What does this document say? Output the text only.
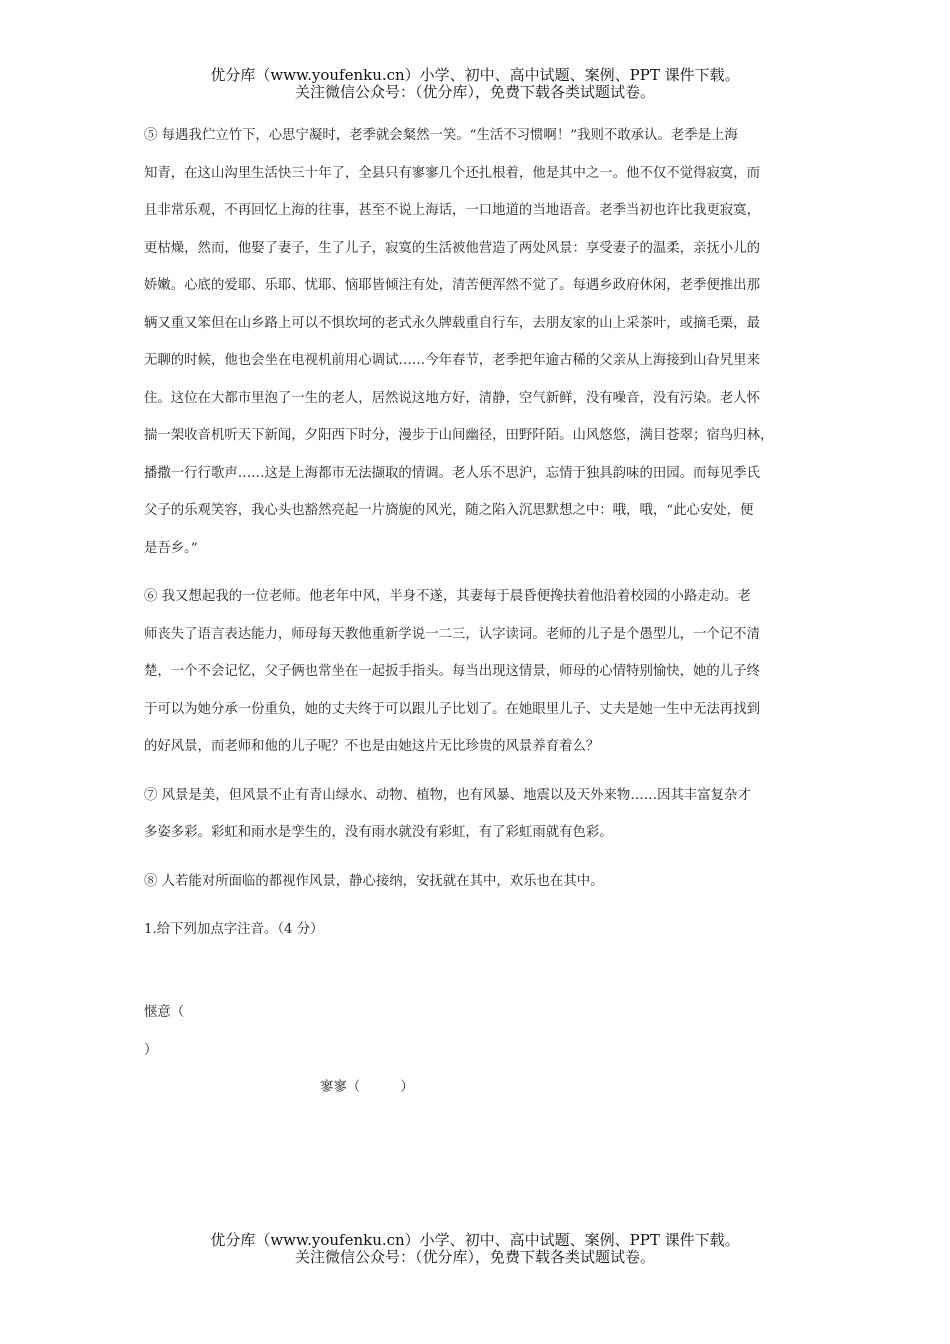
优分库（www.youfenku.cn）小学、初中、高中试题、案例、PPT 课件下载。
关注微信公众号：（优分库），免费下载各类试题试卷。
⑤ 每遇我伫立竹下，心思宁凝时，老季就会粲然一笑。“生活不习惯啊！”我则不敢承认。老季是上海
知青，在这山沟里生活快三十年了，全县只有寥寥几个还扎根着，他是其中之一。他不仅不觉得寂寞，而
且非常乐观，不再回忆上海的往事，甚至不说上海话，一口地道的当地语音。老季当初也许比我更寂寞，
更枯燥，然而，他娶了妻子，生了儿子，寂寞的生活被他营造了两处风景：享受妻子的温柔，亲抚小儿的
娇嫩。心底的爱耶、乐耶、忧耶、恼耶皆倾注有处，清苦便浑然不觉了。每遇乡政府休闲，老季便推出那
辆又重又笨但在山乡路上可以不惧坎坷的老式永久牌载重自行车，去朋友家的山上采茶叶，或摘毛栗，最
无聊的时候，他也会坐在电视机前用心调试……今年春节，老季把年逾古稀的父亲从上海接到山旮旯里来
住。这位在大都市里泡了一生的老人，居然说这地方好，清静，空气新鲜，没有噪音，没有污染。老人怀
揣一架收音机听天下新闻，夕阳西下时分，漫步于山间幽径，田野阡陌。山风悠悠，满目苍翠；宿鸟归林，
播撒一行行歌声……这是上海都市无法撷取的情调。老人乐不思沪，忘情于独具韵味的田园。而每见季氏
父子的乐观笑容，我心头也豁然亮起一片旖旎的风光，随之陷入沉思默想之中：哦，哦，“此心安处，便
是吾乡。”
⑥ 我又想起我的一位老师。他老年中风，半身不遂，其妻每于晨昏便搀扶着他沿着校园的小路走动。老
师丧失了语言表达能力，师母每天教他重新学说一二三，认字读词。老师的儿子是个愚型儿，一个记不清
楚，一个不会记忆，父子俩也常坐在一起扳手指头。每当出现这情景，师母的心情特别愉快，她的儿子终
于可以为她分承一份重负，她的丈夫终于可以跟儿子比划了。在她眼里儿子、丈夫是她一生中无法再找到
的好风景，而老师和他的儿子呢？不也是由她这片无比珍贵的风景养育着么？
⑦ 风景是美，但风景不止有青山绿水、动物、植物，也有风暴、地震以及天外来物……因其丰富复杂才
多姿多彩。彩虹和雨水是孪生的，没有雨水就没有彩虹，有了彩虹雨就有色彩。
⑧ 人若能对所面临的都视作风景，静心接纳，安抚就在其中，欢乐也在其中。
1.给下列加点字注音。（4 分）
惬意（
）
寥寥（　　　）
优分库（www.youfenku.cn）小学、初中、高中试题、案例、PPT 课件下载。
关注微信公众号：（优分库），免费下载各类试题试卷。
